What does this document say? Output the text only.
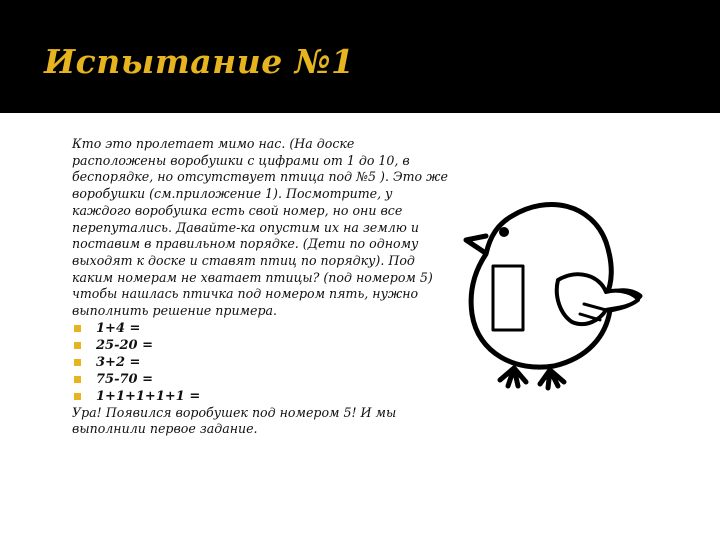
Испытание №1

Кто это пролетает мимо нас. (На доске расположены воробушки с цифрами от 1 до 10, в беспорядке, но отсутствует птица под №5 ). Это же воробушки (см.приложение 1). Посмотрите, у каждого воробушка есть свой номер, но они все перепутались. Давайте-ка опустим их на землю и поставим в правильном порядке. (Дети по одному выходят к доске и ставят птиц по порядку). Под каким номерам не хватает птицы? (под номером 5) чтобы нашлась птичка под номером пять, нужно выполнить решение примера.

1+4 =
25-20 =
3+2 =
75-70 =
1+1+1+1+1 =

Ура! Появился воробушек под номером 5! И мы выполнили первое задание.
